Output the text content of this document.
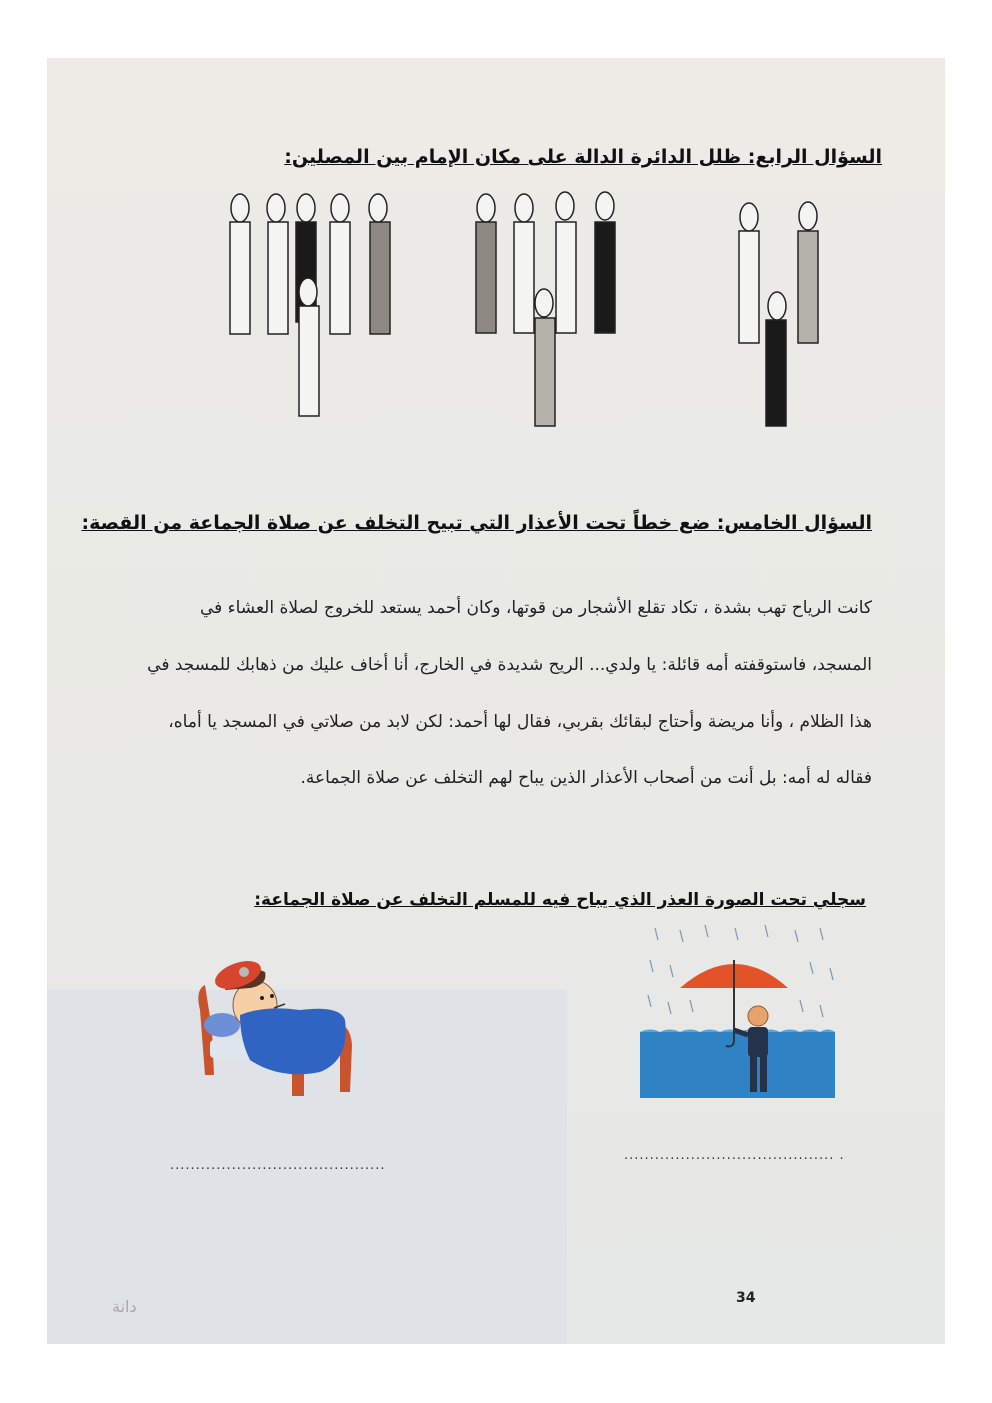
السؤال الرابع: ظلل الدائرة الدالة على مكان الإمام بين المصلين:
السؤال الخامس: ضع خطاً تحت الأعذار التي تبيح التخلف عن صلاة الجماعة من القصة:
كانت الرياح تهب بشدة ، تكاد تقلع الأشجار من قوتها، وكان أحمد يستعد للخروج لصلاة العشاء في
المسجد، فاستوقفته أمه قائلة: يا ولدي... الريح شديدة في الخارج، أنا أخاف عليك من ذهابك للمسجد في
هذا الظلام ، وأنا مريضة وأحتاج لبقائك بقربي، فقال لها أحمد: لكن لابد من صلاتي في المسجد يا أماه،
فقاله له أمه: بل أنت من أصحاب الأعذار الذين يباح لهم التخلف عن صلاة الجماعة.
سجلي تحت الصورة العذر الذي يباح فيه للمسلم التخلف عن صلاة الجماعة:
..........................................
......................................... .
34
دانة
